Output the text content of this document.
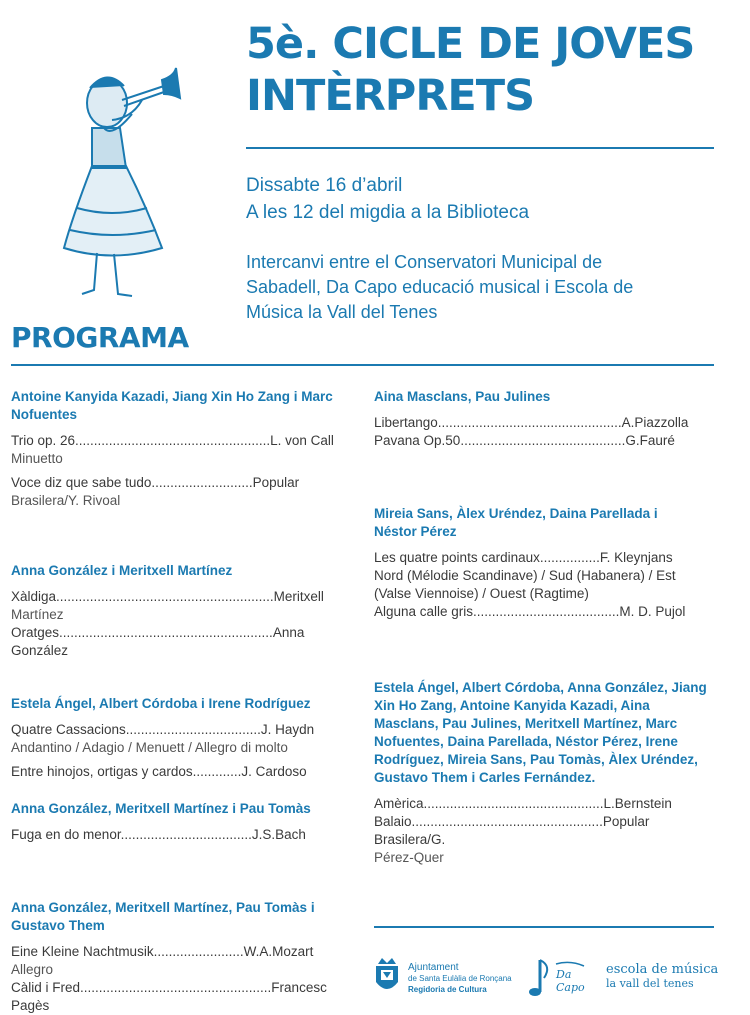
5è. CICLE DE JOVES
INTÈRPRETS
Dissabte 16 d’abril
A les 12 del migdia a la Biblioteca
Intercanvi entre el Conservatori Municipal de
Sabadell, Da Capo educació musical i Escola de
Música la Vall del Tenes
PROGRAMA
Antoine Kanyida Kazadi, Jiang Xin Ho Zang i Marc
Nofuentes
Trio op. 26....................................................L. von Call
Minuetto
Voce diz que sabe tudo...........................Popular
Brasilera/Y. Rivoal
Anna González i Meritxell Martínez
Xàldiga..........................................................Meritxell
Martínez
Oratges.........................................................Anna González
Estela Ángel, Albert Córdoba i Irene Rodríguez
Quatre Cassacions....................................J. Haydn
Andantino / Adagio / Menuett / Allegro di molto
Entre hinojos, ortigas y cardos.............J. Cardoso
Anna González, Meritxell Martínez i Pau Tomàs
Fuga en do menor...................................J.S.Bach
Anna González, Meritxell Martínez, Pau Tomàs i
Gustavo Them
Eine Kleine Nachtmusik........................W.A.Mozart
Allegro
Càlid i Fred...................................................Francesc Pagès
Aina Masclans, Pau Julines
Libertango.................................................A.Piazzolla
Pavana Op.50............................................G.Fauré
Mireia Sans, Àlex Uréndez, Daina Parellada i
Néstor Pérez
Les quatre points cardinaux................F. Kleynjans
Nord (Mélodie Scandinave) / Sud (Habanera) / Est
(Valse Viennoise) / Ouest (Ragtime)
Alguna calle gris.......................................M. D. Pujol
Estela Ángel, Albert Córdoba, Anna González, Jiang
Xin Ho Zang, Antoine Kanyida Kazadi, Aina
Masclans, Pau Julines, Meritxell Martínez, Marc
Nofuentes, Daina Parellada, Néstor Pérez, Irene
Rodríguez, Mireia Sans, Pau Tomàs, Àlex Uréndez,
Gustavo Them i Carles Fernández.
Amèrica................................................L.Bernstein
Balaio...................................................Popular Brasilera/G.
Pérez-Quer
Ajuntament
de Santa Eulàlia de Ronçana
Regidoria de Cultura
Da Capo
escola de música
la vall del tenes
